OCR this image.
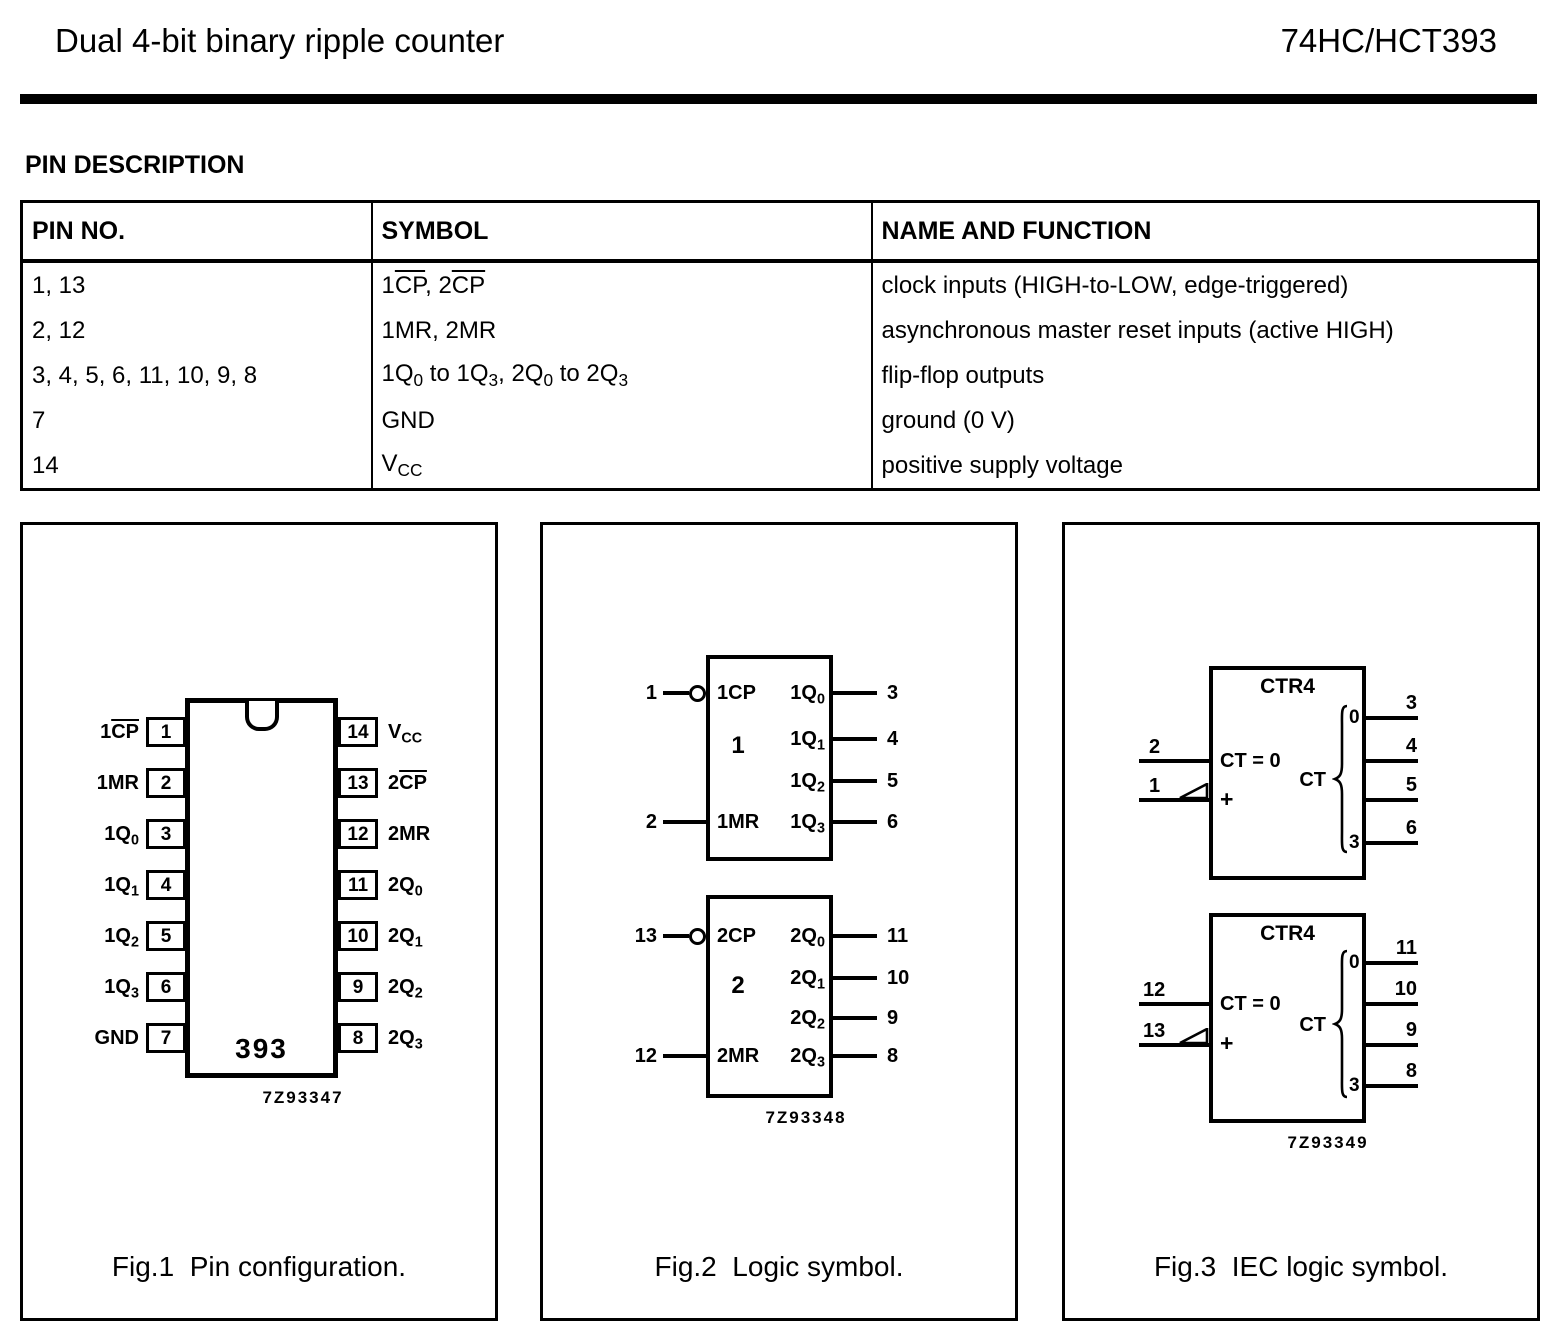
Dual 4-bit binary ripple counter	74HC/HCT393
PIN DESCRIPTION
PIN NO.	SYMBOL	NAME AND FUNCTION
1, 13	$1\overline{CP}$, $2\overline{CP}$	clock inputs (HIGH-to-LOW, edge-triggered)
2, 12	1MR, 2MR	asynchronous master reset inputs (active HIGH)
3, 4, 5, 6, 11, 10, 9, 8	$1Q_0$ to $1Q_3$, $2Q_0$ to $2Q_3$	flip-flop outputs
7	GND	ground (0 V)
14	$V_{CC}$	positive supply voltage
393
$1\overline{CP}$	1
1MR	2
$1Q_0$	3
$1Q_1$	4
$1Q_2$	5
$1Q_3$	6
GND	7
14 $V_{CC}$
13 $2\overline{CP}$
12 2MR
11 $2Q_0$
10 $2Q_1$
9	$2Q_2$
8	$2Q_3$
7Z93347
Fig.1  Pin configuration.
1	1CP
2	1MR
1
$1Q_0$	3
$1Q_1$	4
$1Q_2$	5
$1Q_3$	6
13	2CP
12	2MR
2
$2Q_0$	11
$2Q_1$	10
$2Q_2$	9
$2Q_3$	8
7Z93348
Fig.2  Logic symbol.
CTR4
2
CT = 0
1	+
CT
0
3
3
4
5
6
CTR4
12
CT = 0
13	+
CT
0
3
11
10
9
8
7Z93349
Fig.3  IEC logic symbol.
